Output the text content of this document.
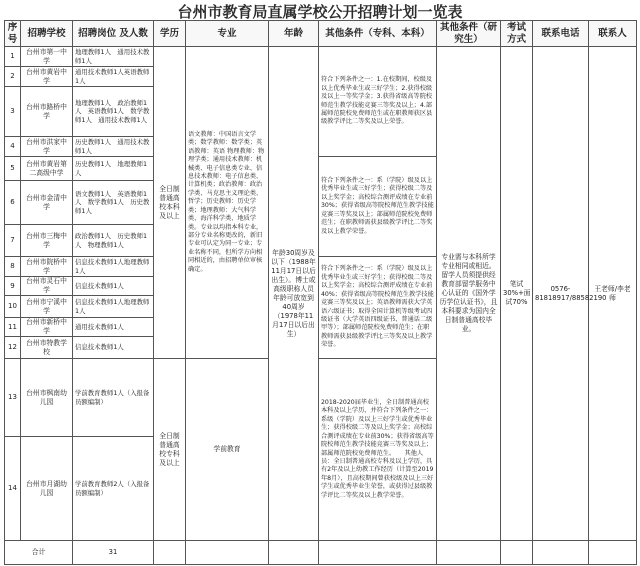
台州市教育局直属学校公开招聘计划一览表
序号	招聘学校	招聘岗位 及人数	学历	专业	年龄	其他条件（专科、本科）	其他条件（研究生）	考试方式	联系电话	联系人
1	台州市第一中学	地理教师1人　通用技术教师1人	全日制普通高校本科及以上	语文教师：中国语言文学类；数学教师：数学类；英语教师：英语 物理教师：物理学类；通用技术教师：机械类、电子信息类专业、信息技术教师：电子信息类、计算机类；政治教师：政治学类、马克思主义理论类、哲学；历史教师：历史学类；地理教师：大气科学类、海洋科学类、地质学类。专业以均指本科专业，部分专业名称更改的，新旧专业可认定为同一专业；专业名称不同，但所学方向相同相近的，由招聘单位审核确定。	年龄30周岁及以下（1988年11月17日以后出生）。博士或高级职称人员年龄可放宽到40周岁（1978年11月17日以后出生）	符合下列条件之一：1.在校期间，校级及以上优秀毕业生或三好学生；2.获得校级及以上一等奖学金；3.获得省级高等院校师范生教学技能竞赛三等奖及以上；4.部属师范院校免费师范生或在职教师获区县级教学评比二等奖及以上荣誉。	专业需与本科所学专业相同或相近。留学人员须提供经教育部留学服务中心认证的《国外学历学位认证书》，且本科要求为国内全日制普通高校毕业。	笔试30%+面试70%	0576-81818917/88582190	王老师/李老师
2	台州市黄岩中学	通用技术教师1人英语教师1人								
3	台州市路桥中学	地理教师1人　政治教师1人　英语教师1人　数学教师1人　通用技术教师1人								
4	台州市洪家中学	历史教师1人　通用技术教师1人								
5	台州市黄岩第二高级中学	历史教师1人　地理教师1人				符合下列条件之一：系（学院）级及以上优秀毕业生或三好学生；获得校级二等及以上奖学金；高校综合测评成绩在专业前30%；获得省级高等院校师范生教学技能竞赛三等奖及以上；部属师范院校免费师范生；在职教师需获县级教学评比二等奖及以上教学荣誉。				
6	台州市金清中学	语文教师1人　英语教师1人　数学教师1人　历史教师1人								
7	台州市三梅中学	政治教师1人　历史教师1人　物理教师1人								
8	台州市院桥中学	信息技术教师1人地理教师1人				符合下列条件之一：系（学院）级及以上优秀毕业生或三好学生；获得校级二等及以上奖学金；高校综合测评成绩在专业前40%；获得省级高等院校师范生教学技能竞赛三等奖及以上；英语教师需获大学英语六级证书；取得全国计算机等级考试四级证书（大学英语四级证书、普通话二级甲等）；部属师范院校免费师范生；在职教师需获县级教学评比三等奖及以上教学荣誉。				
9	台州市灵石中学	信息技术教师1人								
10	台州市宁溪中学	信息技术教师1人地理教师1人								
11	台州市新桥中学	通用技术教师1人								
12	台州市特教学校	信息技术教师1人								
13	台州市枫南幼儿园	学前教育教师1人（入报备员额编制）	全日制普通高校专科及以上	学前教育		2018-2020届毕业生，全日制普通高校本科及以上学历，并符合下列条件之一：系级（学院）及以上三好学生或优秀毕业生；获得校级二等及以上奖学金；高校综合测评成绩在专业前30%；获得省级高等院校师范生教学技能竞赛三等奖及以上；部属师范院校免费师范生。　　其他人员：全日制普通高校专科及以上学历，具有2年及以上幼教工作经历（计算至2019年8月），且高校期间曾获校级及以上三好学生或优秀毕业生荣誉，或获得过县级教学评比二等奖及以上教学荣誉。				
14	台州市月湖幼儿园	学前教育教师2人（入报备员额编制）								
合计		31								
